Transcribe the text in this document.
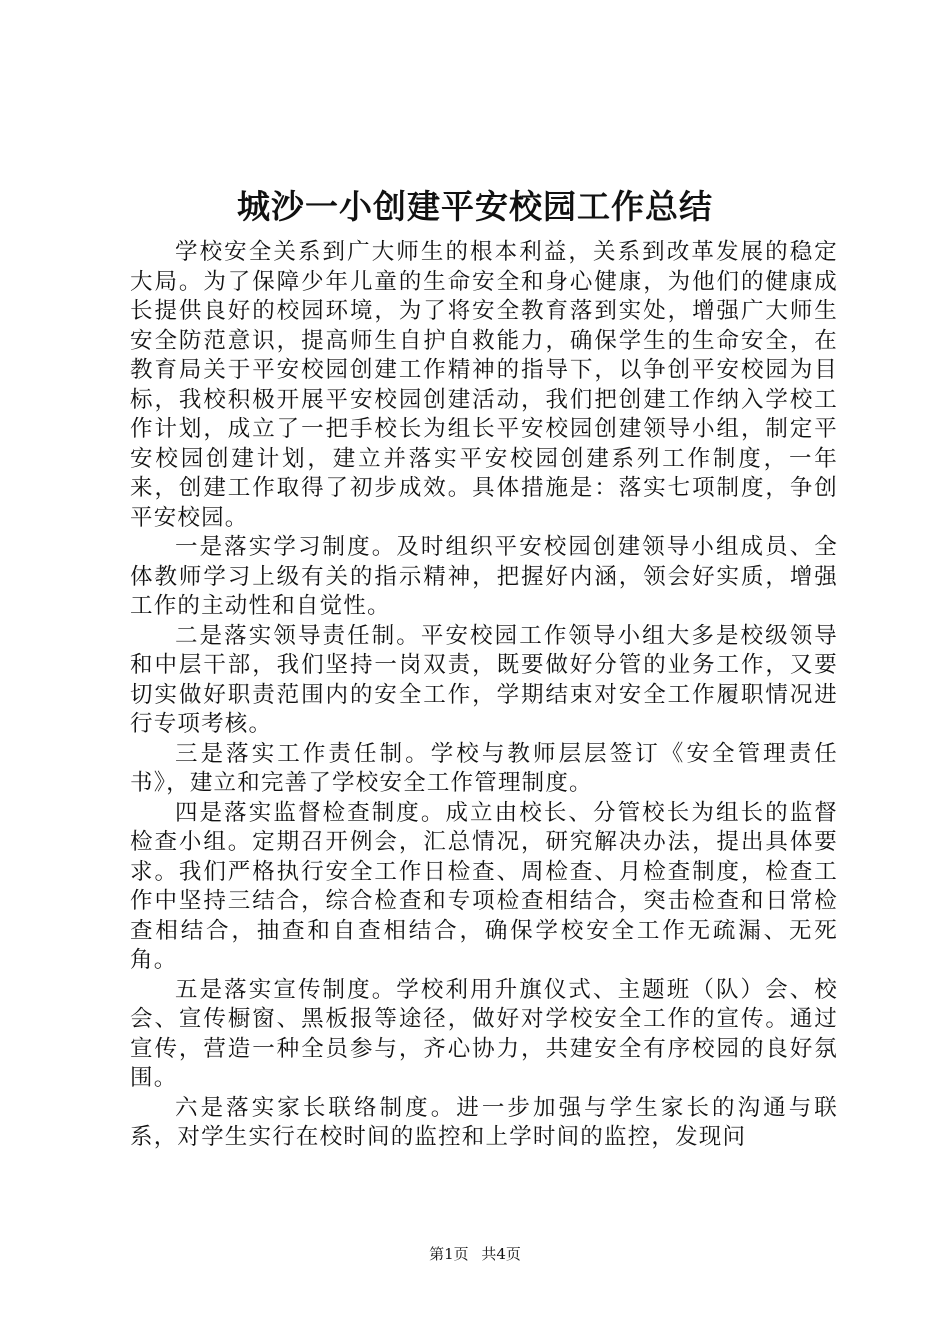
城沙一小创建平安校园工作总结

学校安全关系到广大师生的根本利益，关系到改革发展的稳定大局。为了保障少年儿童的生命安全和身心健康，为他们的健康成长提供良好的校园环境，为了将安全教育落到实处，增强广大师生安全防范意识，提高师生自护自救能力，确保学生的生命安全，在教育局关于平安校园创建工作精神的指导下，以争创平安校园为目标，我校积极开展平安校园创建活动，我们把创建工作纳入学校工作计划，成立了一把手校长为组长平安校园创建领导小组，制定平安校园创建计划，建立并落实平安校园创建系列工作制度，一年来，创建工作取得了初步成效。具体措施是：落实七项制度，争创平安校园。

一是落实学习制度。及时组织平安校园创建领导小组成员、全体教师学习上级有关的指示精神，把握好内涵，领会好实质，增强工作的主动性和自觉性。

二是落实领导责任制。平安校园工作领导小组大多是校级领导和中层干部，我们坚持一岗双责，既要做好分管的业务工作，又要切实做好职责范围内的安全工作，学期结束对安全工作履职情况进行专项考核。

三是落实工作责任制。学校与教师层层签订《安全管理责任书》，建立和完善了学校安全工作管理制度。

四是落实监督检查制度。成立由校长、分管校长为组长的监督检查小组。定期召开例会，汇总情况，研究解决办法，提出具体要求。我们严格执行安全工作日检查、周检查、月检查制度，检查工作中坚持三结合，综合检查和专项检查相结合，突击检查和日常检查相结合，抽查和自查相结合，确保学校安全工作无疏漏、无死角。

五是落实宣传制度。学校利用升旗仪式、主题班（队）会、校会、宣传橱窗、黑板报等途径，做好对学校安全工作的宣传。通过宣传，营造一种全员参与，齐心协力，共建安全有序校园的良好氛围。

六是落实家长联络制度。进一步加强与学生家长的沟通与联系，对学生实行在校时间的监控和上学时间的监控，发现问

第1页 共4页
